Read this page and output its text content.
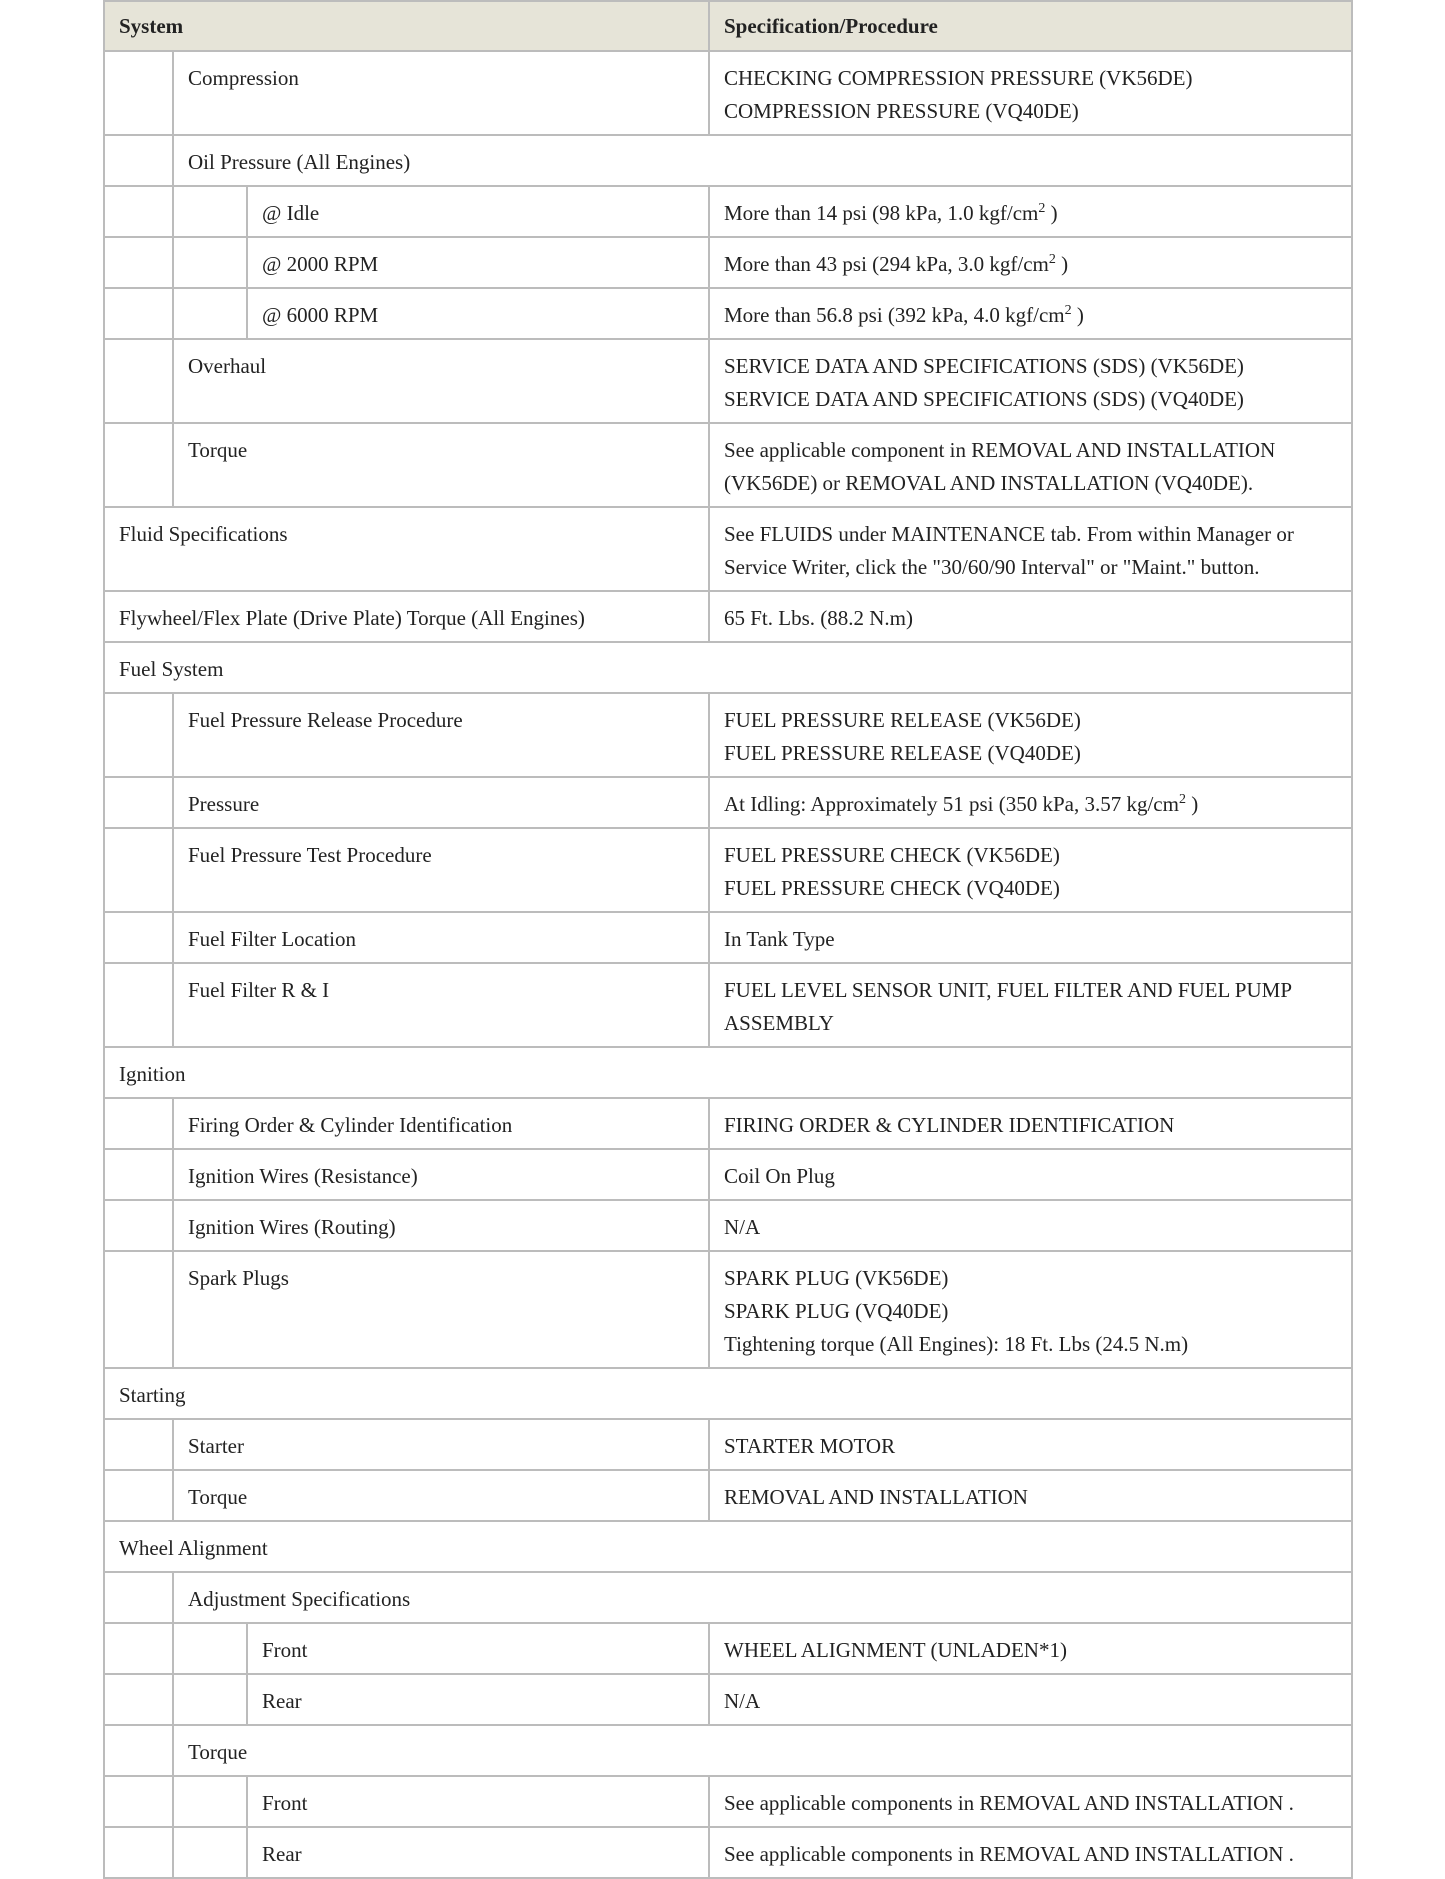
System			Specification/Procedure
	Compression		CHECKING COMPRESSION PRESSURE (VK56DE)
COMPRESSION PRESSURE (VQ40DE)

	Oil Pressure (All Engines)		
		@ Idle	More than 14 psi (98 kPa, 1.0 kgf/$cm^2$ )

		@ 2000 RPM	More than 43 psi (294 kPa, 3.0 kgf/$cm^2$ )

		@ 6000 RPM	More than 56.8 psi (392 kPa, 4.0 kgf/$cm^2$ )

	Overhaul		SERVICE DATA AND SPECIFICATIONS (SDS) (VK56DE)
SERVICE DATA AND SPECIFICATIONS (SDS) (VQ40DE)

	Torque		See applicable component in REMOVAL AND INSTALLATION
(VK56DE) or REMOVAL AND INSTALLATION (VQ40DE).

Fluid Specifications			See FLUIDS under MAINTENANCE tab. From within Manager or
Service Writer, click the "30/60/90 Interval" or "Maint." button.

Flywheel/Flex Plate (Drive Plate) Torque (All Engines)			65 Ft. Lbs. (88.2 N.m)

Fuel System			
	Fuel Pressure Release Procedure		FUEL PRESSURE RELEASE (VK56DE)
FUEL PRESSURE RELEASE (VQ40DE)

	Pressure		At Idling: Approximately 51 psi (350 kPa, 3.57 $kg/cm^2$ )

	Fuel Pressure Test Procedure		FUEL PRESSURE CHECK (VK56DE)
FUEL PRESSURE CHECK (VQ40DE)

	Fuel Filter Location		In Tank Type

	Fuel Filter R & I		FUEL LEVEL SENSOR UNIT, FUEL FILTER AND FUEL PUMP
ASSEMBLY

Ignition			
	Firing Order & Cylinder Identification		FIRING ORDER & CYLINDER IDENTIFICATION

	Ignition Wires (Resistance)		Coil On Plug

	Ignition Wires (Routing)		N/A

	Spark Plugs		SPARK PLUG (VK56DE)
SPARK PLUG (VQ40DE)
Tightening torque (All Engines): 18 Ft. Lbs (24.5 N.m)

Starting			
	Starter		STARTER MOTOR

	Torque		REMOVAL AND INSTALLATION

Wheel Alignment			
	Adjustment Specifications		
		Front	WHEEL ALIGNMENT (UNLADEN*1)

		Rear	N/A

	Torque		
		Front	See applicable components in REMOVAL AND INSTALLATION .

		Rear	See applicable components in REMOVAL AND INSTALLATION .
